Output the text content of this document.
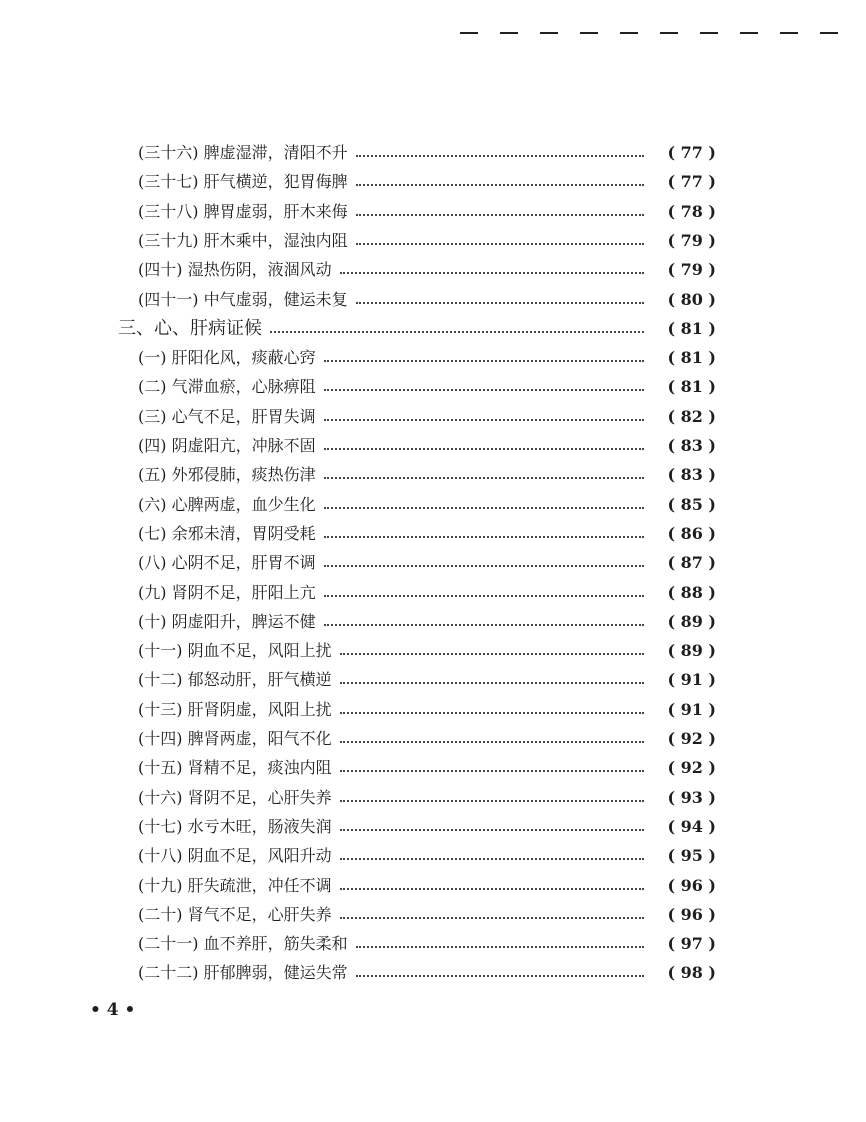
(三十六) 脾虚湿滞，清阳不升	( 77 )
(三十七) 肝气横逆，犯胃侮脾	( 77 )
(三十八) 脾胃虚弱，肝木来侮	( 78 )
(三十九) 肝木乘中，湿浊内阻	( 79 )
(四十) 湿热伤阴，液涸风动	( 79 )
(四十一) 中气虚弱，健运未复	( 80 )
三、心、肝病证候	( 81 )
(一) 肝阳化风，痰蔽心窍	( 81 )
(二) 气滞血瘀，心脉痹阻	( 81 )
(三) 心气不足，肝胃失调	( 82 )
(四) 阴虚阳亢，冲脉不固	( 83 )
(五) 外邪侵肺，痰热伤津	( 83 )
(六) 心脾两虚，血少生化	( 85 )
(七) 余邪未清，胃阴受耗	( 86 )
(八) 心阴不足，肝胃不调	( 87 )
(九) 肾阴不足，肝阳上亢	( 88 )
(十) 阴虚阳升，脾运不健	( 89 )
(十一) 阴血不足，风阳上扰	( 89 )
(十二) 郁怒动肝，肝气横逆	( 91 )
(十三) 肝肾阴虚，风阳上扰	( 91 )
(十四) 脾肾两虚，阳气不化	( 92 )
(十五) 肾精不足，痰浊内阻	( 92 )
(十六) 肾阴不足，心肝失养	( 93 )
(十七) 水亏木旺，肠液失润	( 94 )
(十八) 阴血不足，风阳升动	( 95 )
(十九) 肝失疏泄，冲任不调	( 96 )
(二十) 肾气不足，心肝失养	( 96 )
(二十一) 血不养肝，筋失柔和	( 97 )
(二十二) 肝郁脾弱，健运失常	( 98 )
• 4 •
